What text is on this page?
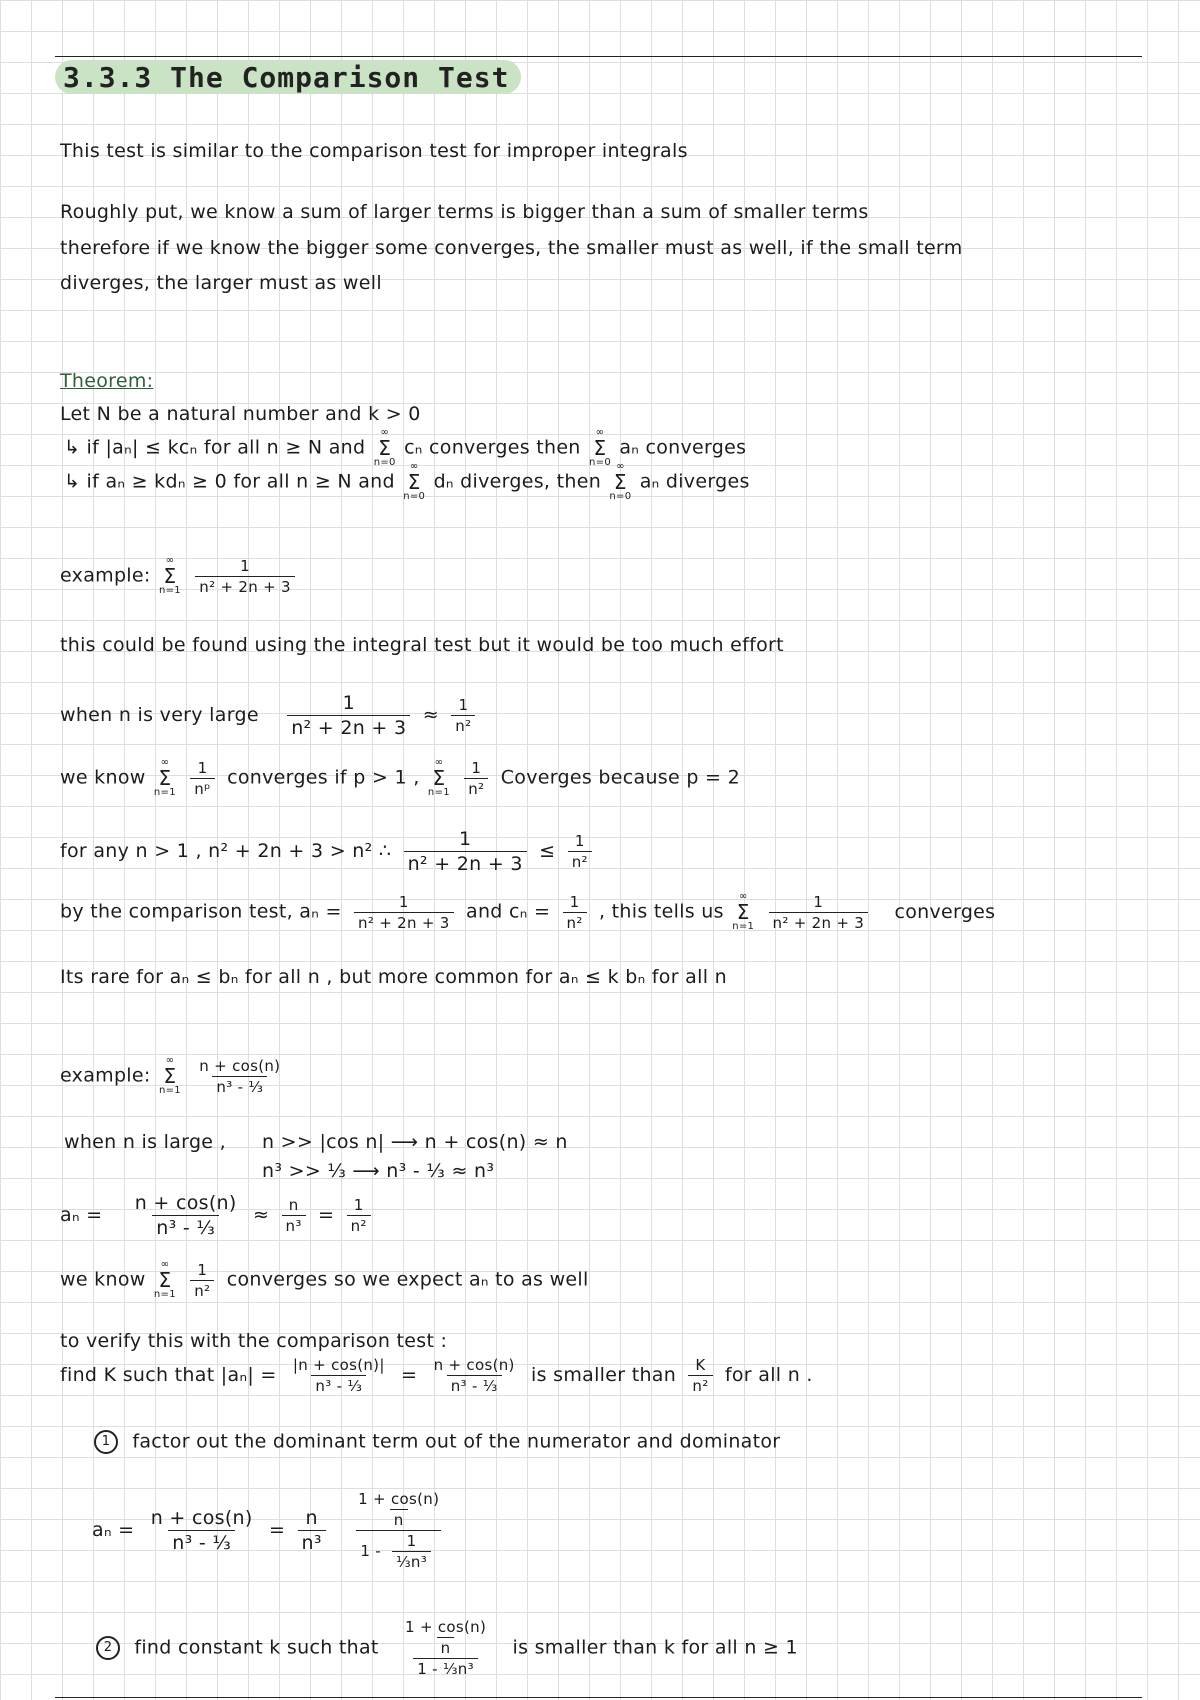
3.3.3 The Comparison Test
This test is similar to the comparison test for improper integrals
Roughly put, we know a sum of larger terms is bigger than a sum of smaller terms
therefore if we know the bigger some converges, the smaller must as well, if the small term
diverges, the larger must as well
Theorem:
Let N be a natural number and k > 0
↳ if |aₙ| ≤ kcₙ for all n ≥ N and
∞
Σ
n=0
cₙ converges then
∞
Σ
n=0
aₙ converges
↳ if aₙ ≥ kdₙ ≥ 0 for all n ≥ N and
∞
Σ
n=0
dₙ diverges, then
∞
Σ
n=0
aₙ diverges
example:
∞
Σ
n=1
$\frac{1}{\text{n² + 2n + 3}}$
this could be found using the integral test but it would be too much effort
when n is very large $\frac{1}{\text{n² + 2n + 3}} \approx \frac{1}{\text{n²}}$
we know
∞
Σ
n=1
$\frac{1}{\text{nᵖ}}$ converges if p > 1 ,
∞
Σ
n=1
$\frac{1}{\text{n²}}$ Coverges because p = 2
for any n > 1 , n² + 2n + 3 > n² ∴ $\frac{1}{\text{n² + 2n + 3}} \le \frac{1}{\text{n²}}$
by the comparison test, $a_n = \frac{1}{\text{n² + 2n + 3}}$ and $c_n = \frac{1}{\text{n²}}$ , this tells us
∞
Σ
n=1
$\frac{1}{\text{n² + 2n + 3}}$ converges
Its rare for aₙ ≤ bₙ for all n , but more common for aₙ ≤ k bₙ for all n
example:
∞
Σ
n=1
$\frac{n + \cos(n)}{\text{n³ - ⅓}}$
when n is large , n >> |cos n| ⟶ n + cos(n) ≈ n
n³ >> ⅓ ⟶ n³ - ⅓ ≈ n³
$a_n = \frac{n + \cos(n)}{\text{n³ - ⅓}} \approx \frac{n}{\text{n³}} = \frac{1}{\text{n²}}$
we know
∞
Σ
n=1
$\frac{1}{\text{n²}}$ converges so we expect aₙ to as well
to verify this with the comparison test :
find K such that $|a_n| = \frac{|n + \cos(n)|}{\text{n³ - ⅓}} = \frac{n + \cos(n)}{\text{n³ - ⅓}}$ is smaller than $\frac{K}{\text{n²}}$ for all n .
1 factor out the dominant term out of the numerator and dominator
$a_n = \frac{n + \cos(n)}{\text{n³ - ⅓}} = \frac{n}{\text{n³}}$
$\frac{\frac{1 + \cos(n)}{n}}{1 - \frac{1}{\text{⅓n³}}}$
2 find constant k such that $\frac{\frac{1 + \cos(n)}{n}}{\text{1 - ⅓n³}}$ is smaller than k for all n ≥ 1
